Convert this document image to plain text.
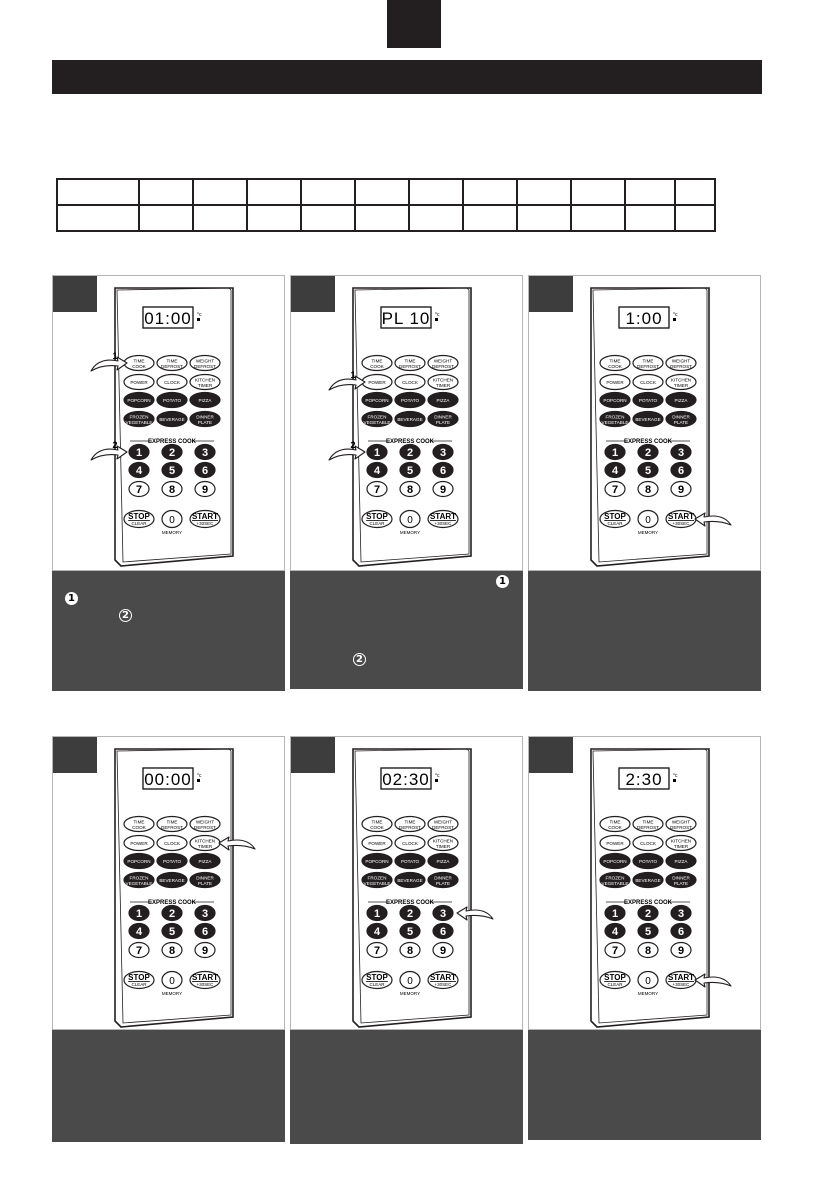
01:00 °c
TIME
COOK
TIME
DEFROST
WEIGHT
DEFROST
POWER	CLOCK	KITCHEN
TIMER
POPCORN	POTATO	PIZZA
FROZEN
VEGETABLE
BEVERAGE	DINNER
PLATE
EXPRESS COOK
1 2 3
4 5 6
7 8 9
STOP
CLEAR 0
MEMORY
START
+30SEC
1
2
PL 10 °c
TIME
COOK
TIME
DEFROST
WEIGHT
DEFROST
POWER	CLOCK	KITCHEN
TIMER
POPCORN	POTATO	PIZZA
FROZEN
VEGETABLE
BEVERAGE	DINNER
PLATE
EXPRESS COOK
1 2 3
4 5 6
7 8 9
STOP
CLEAR 0
MEMORY
START
+30SEC
1
2
1:00 °c
TIME
COOK
TIME
DEFROST
WEIGHT
DEFROST
POWER	CLOCK	KITCHEN
TIMER
POPCORN	POTATO	PIZZA
FROZEN
VEGETABLE
BEVERAGE	DINNER
PLATE
EXPRESS COOK
1 2 3
4 5 6
7 8 9
STOP
CLEAR 0
MEMORY
START
+30SEC
00:00 °c
TIME
COOK
TIME
DEFROST
WEIGHT
DEFROST
POWER	CLOCK	KITCHEN
TIMER
POPCORN	POTATO	PIZZA
FROZEN
VEGETABLE
BEVERAGE	DINNER
PLATE
EXPRESS COOK
1 2 3
4 5 6
7 8 9
STOP
CLEAR 0
MEMORY
START
+30SEC
02:30 °c
TIME
COOK
TIME
DEFROST
WEIGHT
DEFROST
POWER	CLOCK	KITCHEN
TIMER
POPCORN	POTATO	PIZZA
FROZEN
VEGETABLE
BEVERAGE	DINNER
PLATE
EXPRESS COOK
1 2 3
4 5 6
7 8 9
STOP
CLEAR 0
MEMORY
START
+30SEC
2:30 °c
TIME
COOK
TIME
DEFROST
WEIGHT
DEFROST
POWER	CLOCK	KITCHEN
TIMER
POPCORN	POTATO	PIZZA
FROZEN
VEGETABLE
BEVERAGE	DINNER
PLATE
EXPRESS COOK
1 2 3
4 5 6
7 8 9
STOP
CLEAR 0
MEMORY
START
+30SEC
1
2
1
2
